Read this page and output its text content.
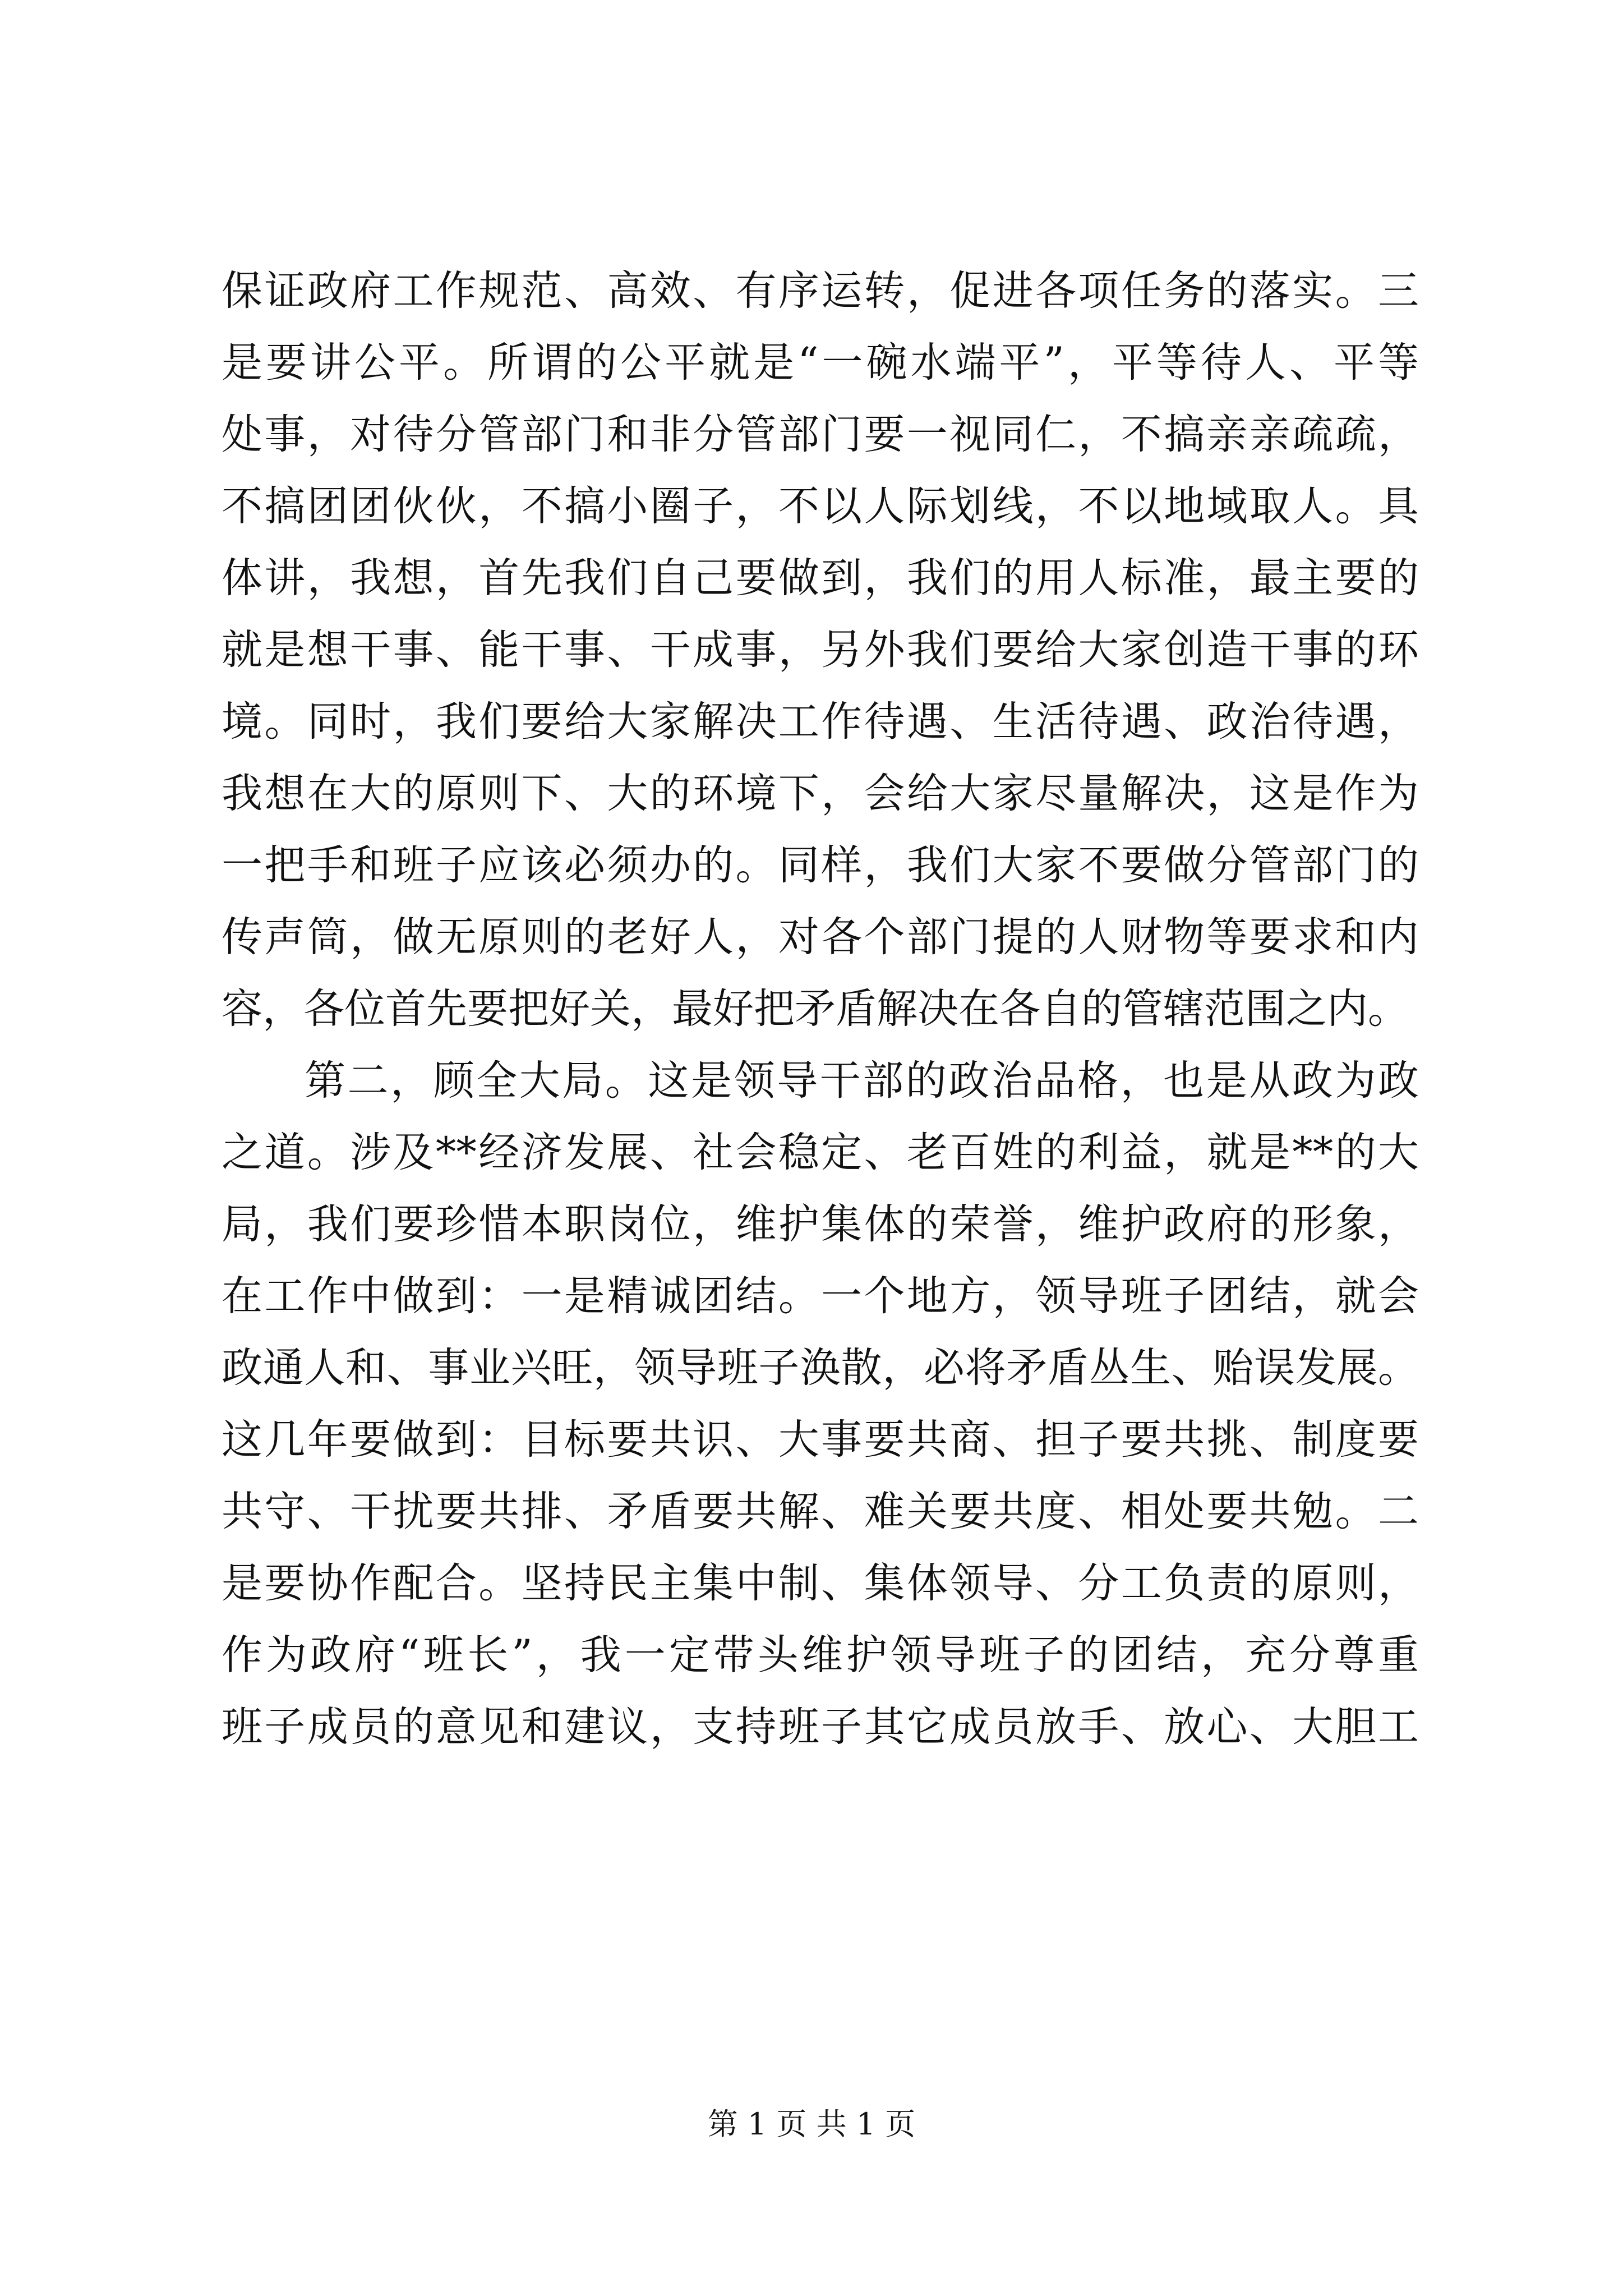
保证政府工作规范、高效、有序运转，促进各项任务的落实。三
是要讲公平。所谓的公平就是“一碗水端平”，平等待人、平等
处事，对待分管部门和非分管部门要一视同仁，不搞亲亲疏疏，
不搞团团伙伙，不搞小圈子，不以人际划线，不以地域取人。具
体讲，我想，首先我们自己要做到，我们的用人标准，最主要的
就是想干事、能干事、干成事，另外我们要给大家创造干事的环
境。同时，我们要给大家解决工作待遇、生活待遇、政治待遇，
我想在大的原则下、大的环境下，会给大家尽量解决，这是作为
一把手和班子应该必须办的。同样，我们大家不要做分管部门的
传声筒，做无原则的老好人，对各个部门提的人财物等要求和内
容，各位首先要把好关，最好把矛盾解决在各自的管辖范围之内。
第二，顾全大局。这是领导干部的政治品格，也是从政为政
之道。涉及**经济发展、社会稳定、老百姓的利益，就是**的大
局，我们要珍惜本职岗位，维护集体的荣誉，维护政府的形象，
在工作中做到：一是精诚团结。一个地方，领导班子团结，就会
政通人和、事业兴旺，领导班子涣散，必将矛盾丛生、贻误发展。
这几年要做到：目标要共识、大事要共商、担子要共挑、制度要
共守、干扰要共排、矛盾要共解、难关要共度、相处要共勉。二
是要协作配合。坚持民主集中制、集体领导、分工负责的原则，
作为政府“班长”，我一定带头维护领导班子的团结，充分尊重
班子成员的意见和建议，支持班子其它成员放手、放心、大胆工
第 1 页 共 1 页
